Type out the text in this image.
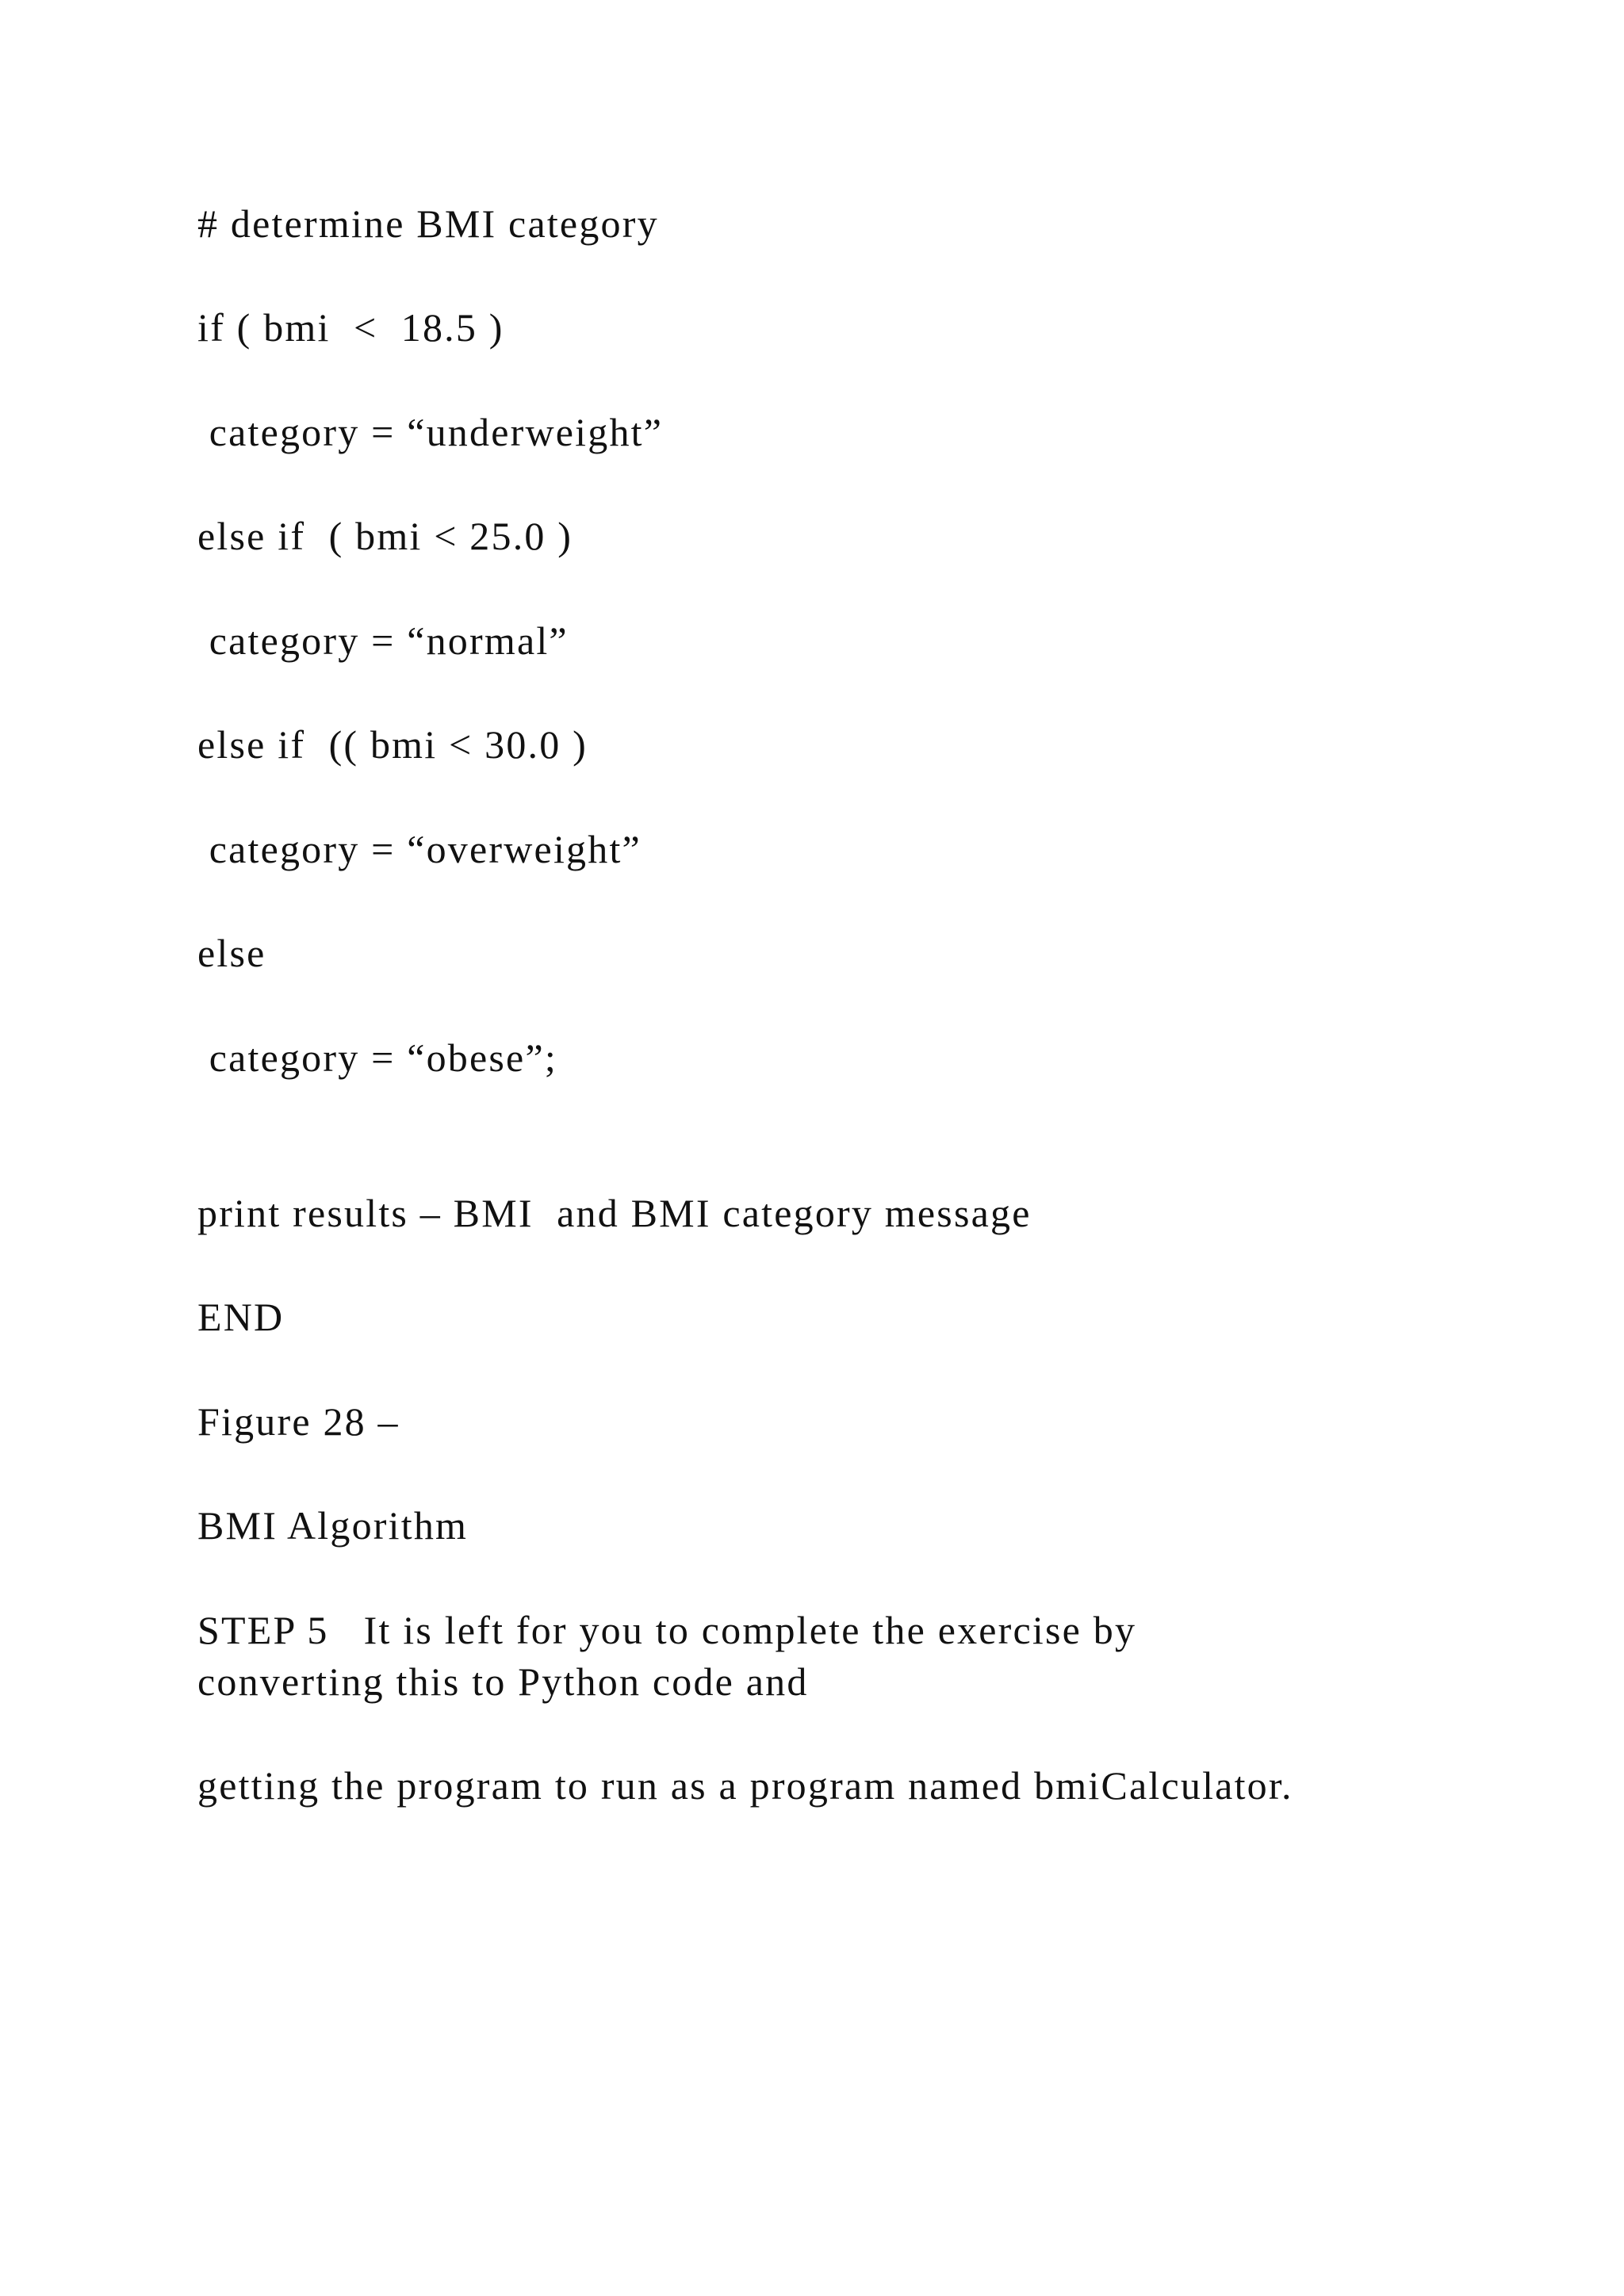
# determine BMI category

if ( bmi  <  18.5 )

category = “underweight”

else if  ( bmi < 25.0 )

category = “normal”

else if  (( bmi < 30.0 )

category = “overweight”

else

category = “obese”;

print results – BMI  and BMI category message

END

Figure 28 –

BMI Algorithm

STEP 5   It is left for you to complete the exercise by

converting this to Python code and

getting the program to run as a program named bmiCalculator.
